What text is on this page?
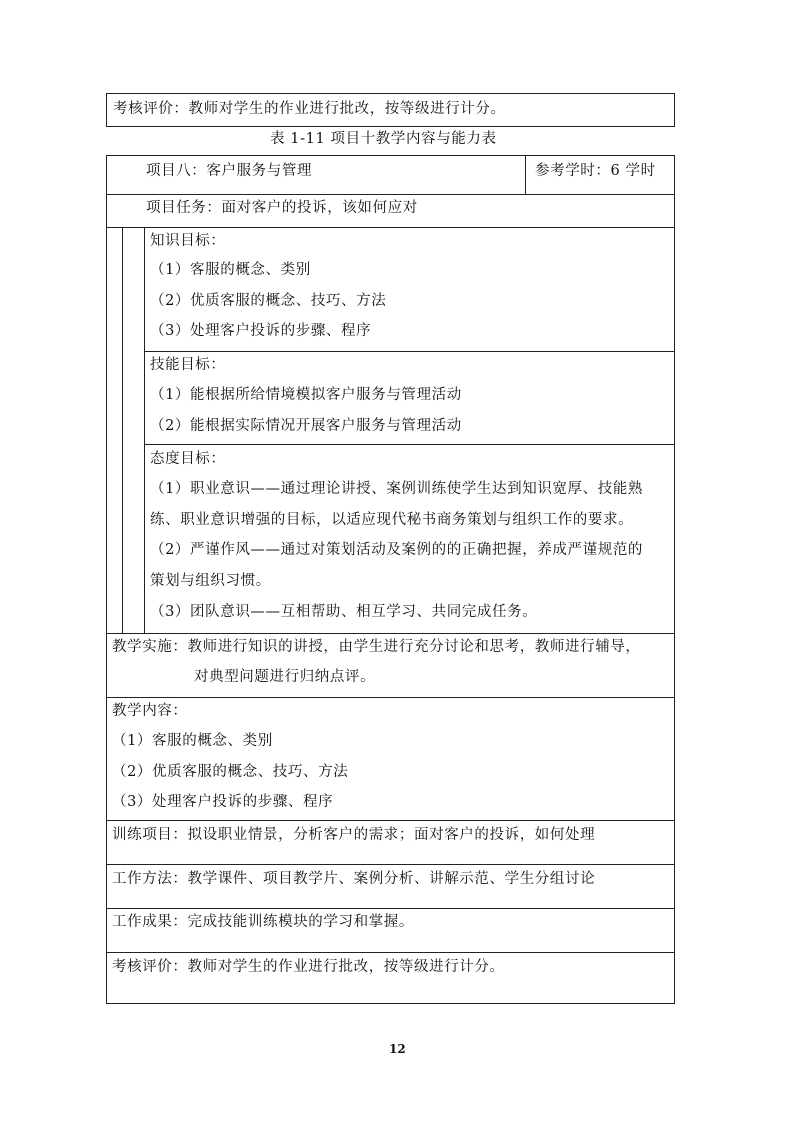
考核评价：教师对学生的作业进行批改，按等级进行计分。
表 1-11 项目十教学内容与能力表
项目八：客户服务与管理	参考学时：6 学时
项目任务：面对客户的投诉，该如何应对
知识目标：
（1）客服的概念、类别
（2）优质客服的概念、技巧、方法
（3）处理客户投诉的步骤、程序
技能目标：
（1）能根据所给情境模拟客户服务与管理活动
（2）能根据实际情况开展客户服务与管理活动
态度目标：
（1）职业意识——通过理论讲授、案例训练使学生达到知识宽厚、技能熟
练、职业意识增强的目标，以适应现代秘书商务策划与组织工作的要求。
（2）严谨作风——通过对策划活动及案例的的正确把握，养成严谨规范的
策划与组织习惯。
（3）团队意识——互相帮助、相互学习、共同完成任务。
教学实施：教师进行知识的讲授，由学生进行充分讨论和思考，教师进行辅导，
对典型问题进行归纳点评。
教学内容：
（1）客服的概念、类别
（2）优质客服的概念、技巧、方法
（3）处理客户投诉的步骤、程序
训练项目：拟设职业情景，分析客户的需求；面对客户的投诉，如何处理
工作方法：教学课件、项目教学片、案例分析、讲解示范、学生分组讨论
工作成果：完成技能训练模块的学习和掌握。
考核评价：教师对学生的作业进行批改，按等级进行计分。
12
